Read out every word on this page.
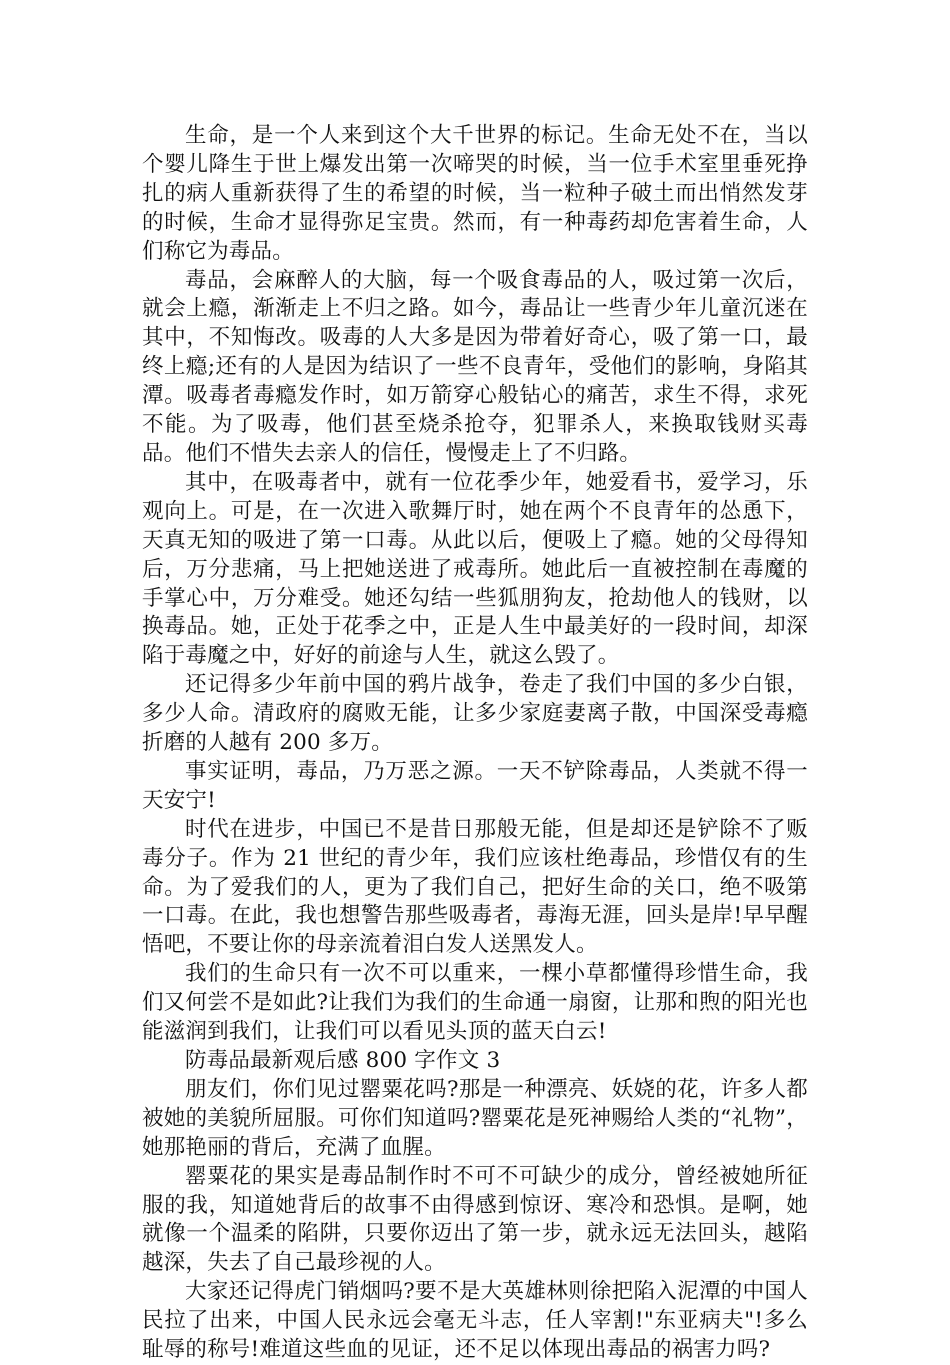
生命，是一个人来到这个大千世界的标记。生命无处不在，当以个婴儿降生于世上爆发出第一次啼哭的时候，当一位手术室里垂死挣扎的病人重新获得了生的希望的时候，当一粒种子破土而出悄然发芽的时候，生命才显得弥足宝贵。然而，有一种毒药却危害着生命，人们称它为毒品。

毒品，会麻醉人的大脑，每一个吸食毒品的人，吸过第一次后，就会上瘾，渐渐走上不归之路。如今，毒品让一些青少年儿童沉迷在其中，不知悔改。吸毒的人大多是因为带着好奇心，吸了第一口，最终上瘾;还有的人是因为结识了一些不良青年，受他们的影响，身陷其潭。吸毒者毒瘾发作时，如万箭穿心般钻心的痛苦，求生不得，求死不能。为了吸毒，他们甚至烧杀抢夺，犯罪杀人，来换取钱财买毒品。他们不惜失去亲人的信任，慢慢走上了不归路。

其中，在吸毒者中，就有一位花季少年，她爱看书，爱学习，乐观向上。可是，在一次进入歌舞厅时，她在两个不良青年的怂恿下，天真无知的吸进了第一口毒。从此以后，便吸上了瘾。她的父母得知后，万分悲痛，马上把她送进了戒毒所。她此后一直被控制在毒魔的手掌心中，万分难受。她还勾结一些狐朋狗友，抢劫他人的钱财，以换毒品。她，正处于花季之中，正是人生中最美好的一段时间，却深陷于毒魔之中，好好的前途与人生，就这么毁了。

还记得多少年前中国的鸦片战争，卷走了我们中国的多少白银，多少人命。清政府的腐败无能，让多少家庭妻离子散，中国深受毒瘾折磨的人越有 200 多万。

事实证明，毒品，乃万恶之源。一天不铲除毒品，人类就不得一天安宁!

时代在进步，中国已不是昔日那般无能，但是却还是铲除不了贩毒分子。作为 21 世纪的青少年，我们应该杜绝毒品，珍惜仅有的生命。为了爱我们的人，更为了我们自己，把好生命的关口，绝不吸第一口毒。在此，我也想警告那些吸毒者，毒海无涯，回头是岸!早早醒悟吧，不要让你的母亲流着泪白发人送黑发人。

我们的生命只有一次不可以重来，一棵小草都懂得珍惜生命，我们又何尝不是如此?让我们为我们的生命通一扇窗，让那和煦的阳光也能滋润到我们，让我们可以看见头顶的蓝天白云!

防毒品最新观后感 800 字作文 3

朋友们，你们见过罂粟花吗?那是一种漂亮、妖娆的花，许多人都被她的美貌所屈服。可你们知道吗?罂粟花是死神赐给人类的“礼物”，她那艳丽的背后，充满了血腥。

罂粟花的果实是毒品制作时不可不可缺少的成分，曾经被她所征服的我，知道她背后的故事不由得感到惊讶、寒冷和恐惧。是啊，她就像一个温柔的陷阱，只要你迈出了第一步，就永远无法回头，越陷越深，失去了自己最珍视的人。

大家还记得虎门销烟吗?要不是大英雄林则徐把陷入泥潭的中国人民拉了出来，中国人民永远会毫无斗志，任人宰割!"东亚病夫"!多么耻辱的称号!难道这些血的见证，还不足以体现出毒品的祸害力吗?
